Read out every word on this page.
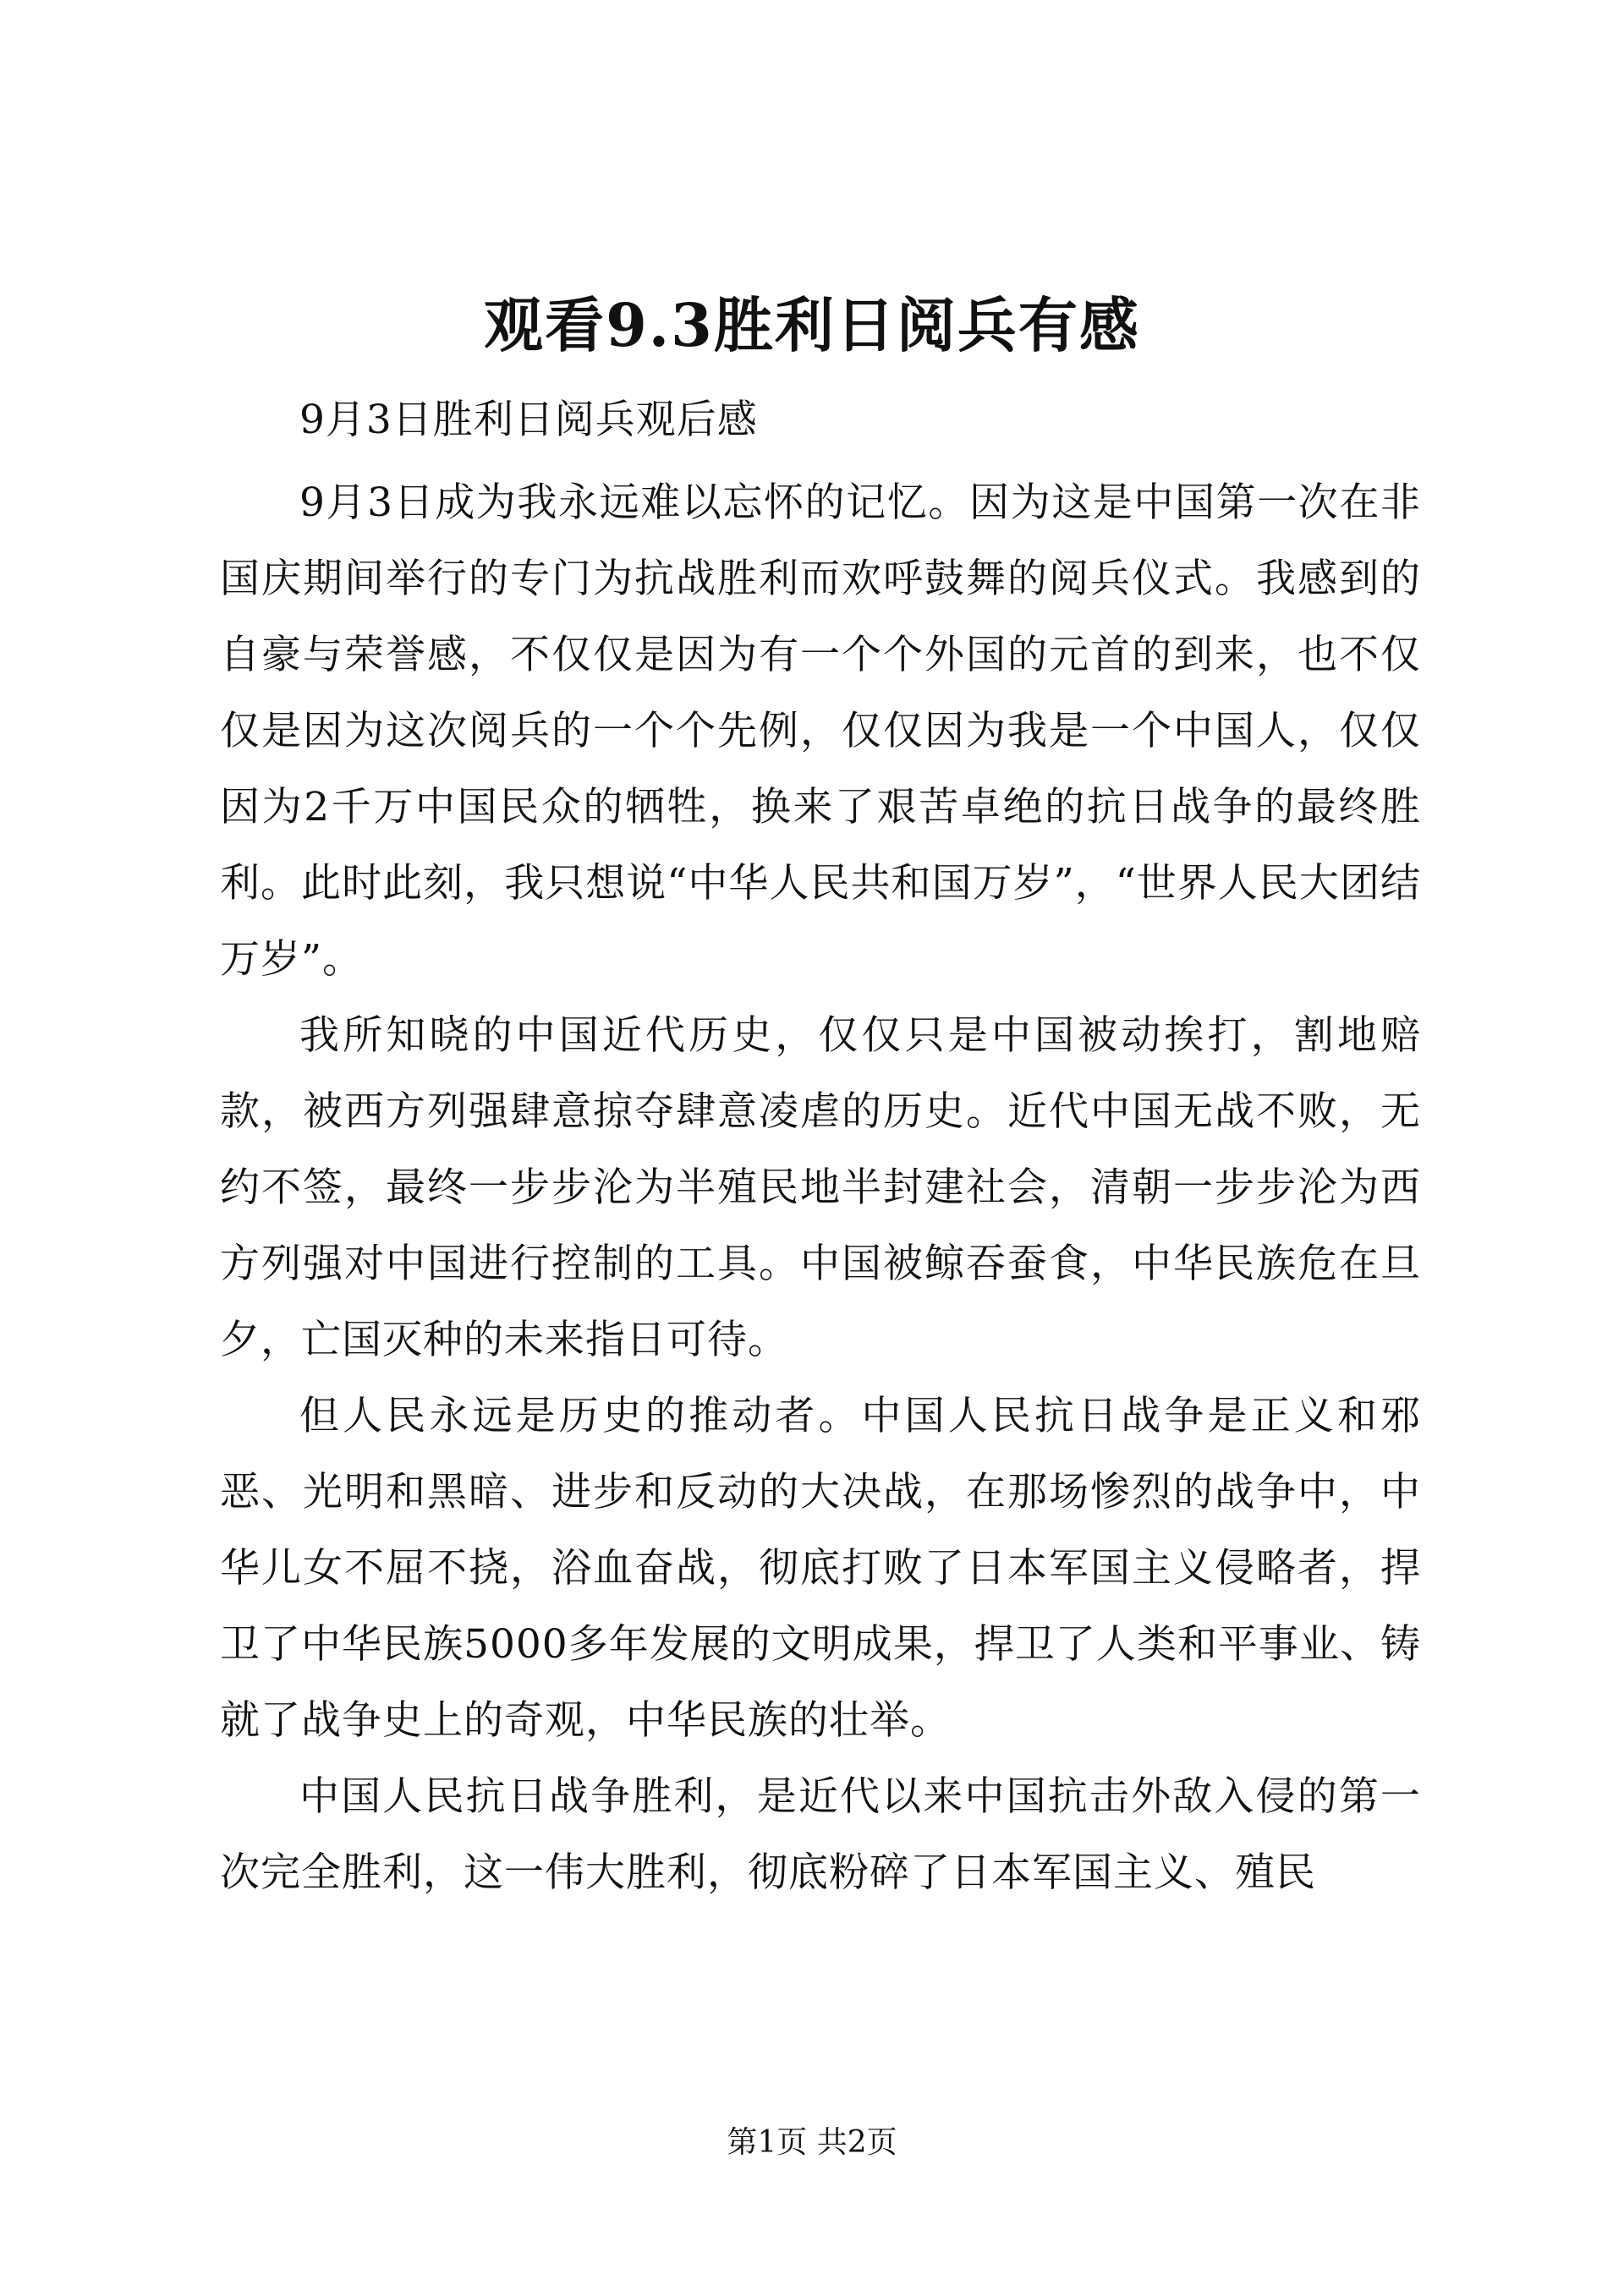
观看9.3胜利日阅兵有感

9月3日胜利日阅兵观后感

9月3日成为我永远难以忘怀的记忆。因为这是中国第一次在非国庆期间举行的专门为抗战胜利而欢呼鼓舞的阅兵仪式。我感到的自豪与荣誉感，不仅仅是因为有一个个外国的元首的到来，也不仅仅是因为这次阅兵的一个个先例，仅仅因为我是一个中国人，仅仅因为2千万中国民众的牺牲，换来了艰苦卓绝的抗日战争的最终胜利。此时此刻，我只想说“中华人民共和国万岁”，“世界人民大团结万岁”。

我所知晓的中国近代历史，仅仅只是中国被动挨打，割地赔款，被西方列强肆意掠夺肆意凌虐的历史。近代中国无战不败，无约不签，最终一步步沦为半殖民地半封建社会，清朝一步步沦为西方列强对中国进行控制的工具。中国被鲸吞蚕食，中华民族危在旦夕，亡国灭种的未来指日可待。

但人民永远是历史的推动者。中国人民抗日战争是正义和邪恶、光明和黑暗、进步和反动的大决战，在那场惨烈的战争中，中华儿女不屈不挠，浴血奋战，彻底打败了日本军国主义侵略者，捍卫了中华民族5000多年发展的文明成果，捍卫了人类和平事业、铸就了战争史上的奇观，中华民族的壮举。

中国人民抗日战争胜利，是近代以来中国抗击外敌入侵的第一次完全胜利，这一伟大胜利，彻底粉碎了日本军国主义、殖民

第1页 共2页
